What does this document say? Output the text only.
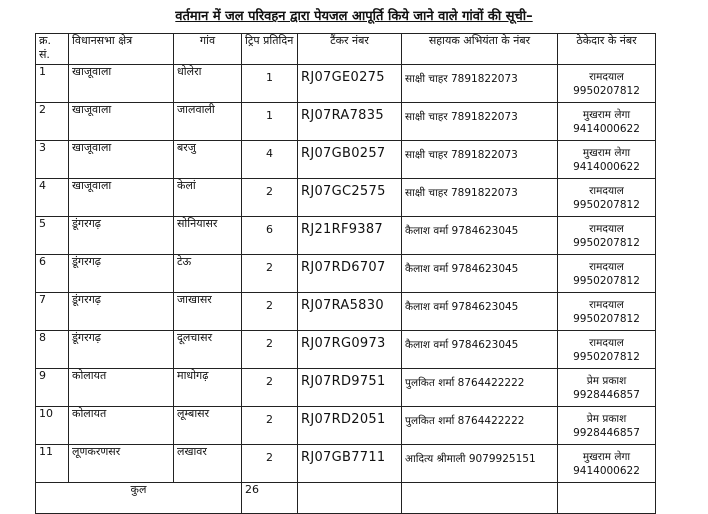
वर्तमान में जल परिवहन द्वारा पेयजल आपूर्ति किये जाने वाले गांवों की सूची–
क्र. सं.	विधानसभा क्षेत्र	गांव	ट्रिप प्रतिदिन	टैंकर नंबर	सहायक अभियंता के नंबर	ठेकेदार के नंबर
1	खाजूवाला	धोलेरा	1	RJ07GE0275	साक्षी चाहर 7891822073	रामदयाल
9950207812

2	खाजूवाला	जालवाली	1	RJ07RA7835	साक्षी चाहर 7891822073	मुखराम लेगा
9414000622

3	खाजूवाला	बरजु	4	RJ07GB0257	साक्षी चाहर 7891822073	मुखराम लेगा
9414000622

4	खाजूवाला	केलां	2	RJ07GC2575	साक्षी चाहर 7891822073	रामदयाल
9950207812

5	डूंगरगढ़	सोनियासर	6	RJ21RF9387	कैलाश वर्मा 9784623045	रामदयाल
9950207812

6	डूंगरगढ़	टेऊ	2	RJ07RD6707	कैलाश वर्मा 9784623045	रामदयाल
9950207812

7	डूंगरगढ़	जाखासर	2	RJ07RA5830	कैलाश वर्मा 9784623045	रामदयाल
9950207812

8	डूंगरगढ़	दूलचासर	2	RJ07RG0973	कैलाश वर्मा 9784623045	रामदयाल
9950207812

9	कोलायत	माधोगढ़	2	RJ07RD9751	पुलकित शर्मा 8764422222	प्रेम प्रकाश
9928446857

10	कोलायत	लूम्बासर	2	RJ07RD2051	पुलकित शर्मा 8764422222	प्रेम प्रकाश
9928446857

11	लूणकरणसर	लखावर	2	RJ07GB7711	आदित्य श्रीमाली 9079925151	मुखराम लेगा
9414000622

कुल			26			
